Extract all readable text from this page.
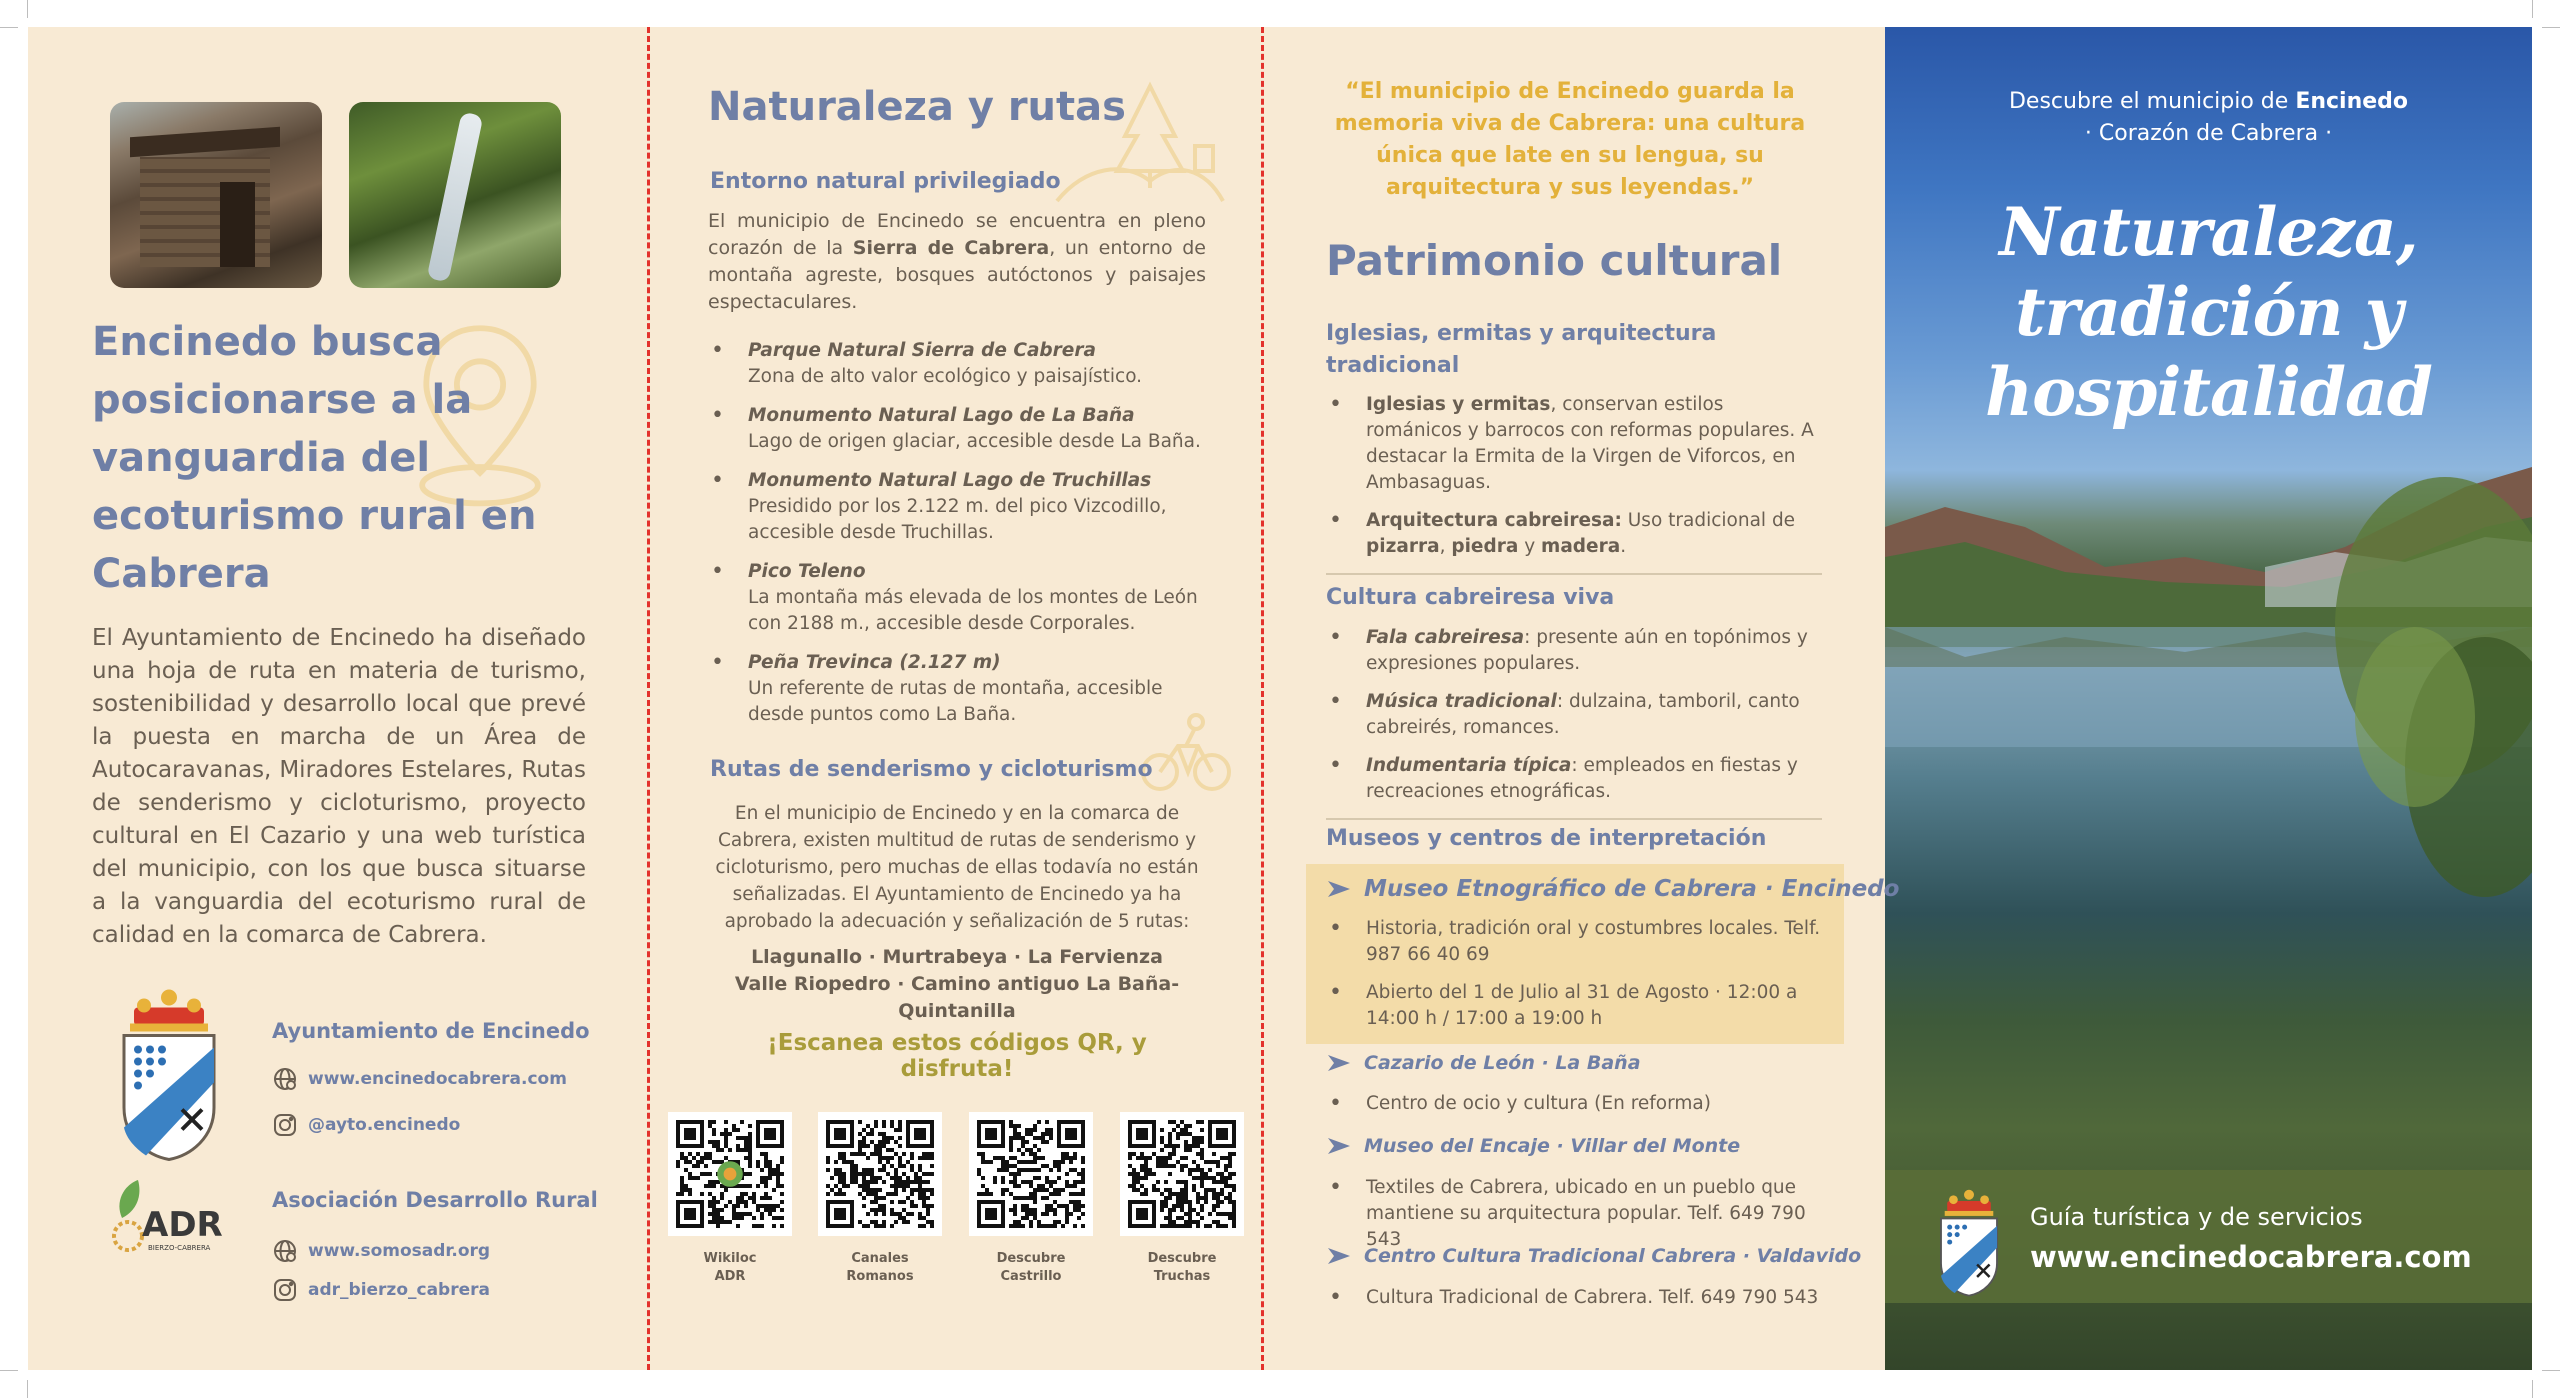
Encinedo busca posicionarse a la vanguardia del ecoturismo rural en Cabrera
El Ayuntamiento de Encinedo ha diseñado una hoja de ruta en materia de turismo, sostenibilidad y desarrollo local que prevé la puesta en marcha de un Área de Autocaravanas, Miradores Estelares, Rutas de senderismo y cicloturismo, proyecto cultural en El Cazario y una web turística del municipio, con los que busca situarse a la vanguardia del ecoturismo rural de calidad en la comarca de Cabrera.
Ayuntamiento de Encinedo
www.encinedocabrera.com
@ayto.encinedo
ADR
BIERZO-CABRERA
Asociación Desarrollo Rural
www.somosadr.org
adr_bierzo_cabrera
Naturaleza y rutas
Entorno natural privilegiado
El municipio de Encinedo se encuentra en pleno corazón de la Sierra de Cabrera, un entorno de montaña agreste, bosques autóctonos y paisajes espectaculares.
• Parque Natural Sierra de Cabrera
Zona de alto valor ecológico y paisajístico.
• Monumento Natural Lago de La Baña
Lago de origen glaciar, accesible desde La Baña.
• Monumento Natural Lago de Truchillas
Presidido por los 2.122 m. del pico Vizcodillo, accesible desde Truchillas.
• Pico Teleno
La montaña más elevada de los montes de León con 2188 m., accesible desde Corporales.
• Peña Trevinca (2.127 m)
Un referente de rutas de montaña, accesible desde puntos como La Baña.
Rutas de senderismo y cicloturismo
En el municipio de Encinedo y en la comarca de Cabrera, existen multitud de rutas de senderismo y cicloturismo, pero muchas de ellas todavía no están señalizadas. El Ayuntamiento de Encinedo ya ha aprobado la adecuación y señalización de 5 rutas:
Llagunallo · Murtrabeya · La Fervienza
Valle Riopedro · Camino antiguo La Baña-Quintanilla
¡Escanea estos códigos QR, y disfruta!
Wikiloc
ADR
Canales
Romanos
Descubre
Castrillo
Descubre
Truchas
“El municipio de Encinedo guarda la memoria viva de Cabrera: una cultura única que late en su lengua, su arquitectura y sus leyendas.”
Patrimonio cultural
Iglesias, ermitas y arquitectura tradicional
• Iglesias y ermitas, conservan estilos románicos y barrocos con reformas populares. A destacar la Ermita de la Virgen de Viforcos, en Ambasaguas.
• Arquitectura cabreiresa: Uso tradicional de pizarra, piedra y madera.
Cultura cabreiresa viva
• Fala cabreiresa: presente aún en topónimos y expresiones populares.
• Música tradicional: dulzaina, tamboril, canto cabreirés, romances.
• Indumentaria típica: empleados en fiestas y recreaciones etnográficas.
Museos y centros de interpretación
Museo Etnográfico de Cabrera · Encinedo
• Historia, tradición oral y costumbres locales. Telf. 987 66 40 69
• Abierto del 1 de Julio al 31 de Agosto · 12:00 a 14:00 h / 17:00 a 19:00 h
Cazario de León · La Baña
• Centro de ocio y cultura (En reforma)
Museo del Encaje · Villar del Monte
• Textiles de Cabrera, ubicado en un pueblo que mantiene su arquitectura popular. Telf. 649 790 543
Centro Cultura Tradicional Cabrera · Valdavido
• Cultura Tradicional de Cabrera. Telf. 649 790 543
Descubre el municipio de Encinedo
· Corazón de Cabrera ·
Naturaleza,
tradición y
hospitalidad
Guía turística y de servicios
www.encinedocabrera.com
